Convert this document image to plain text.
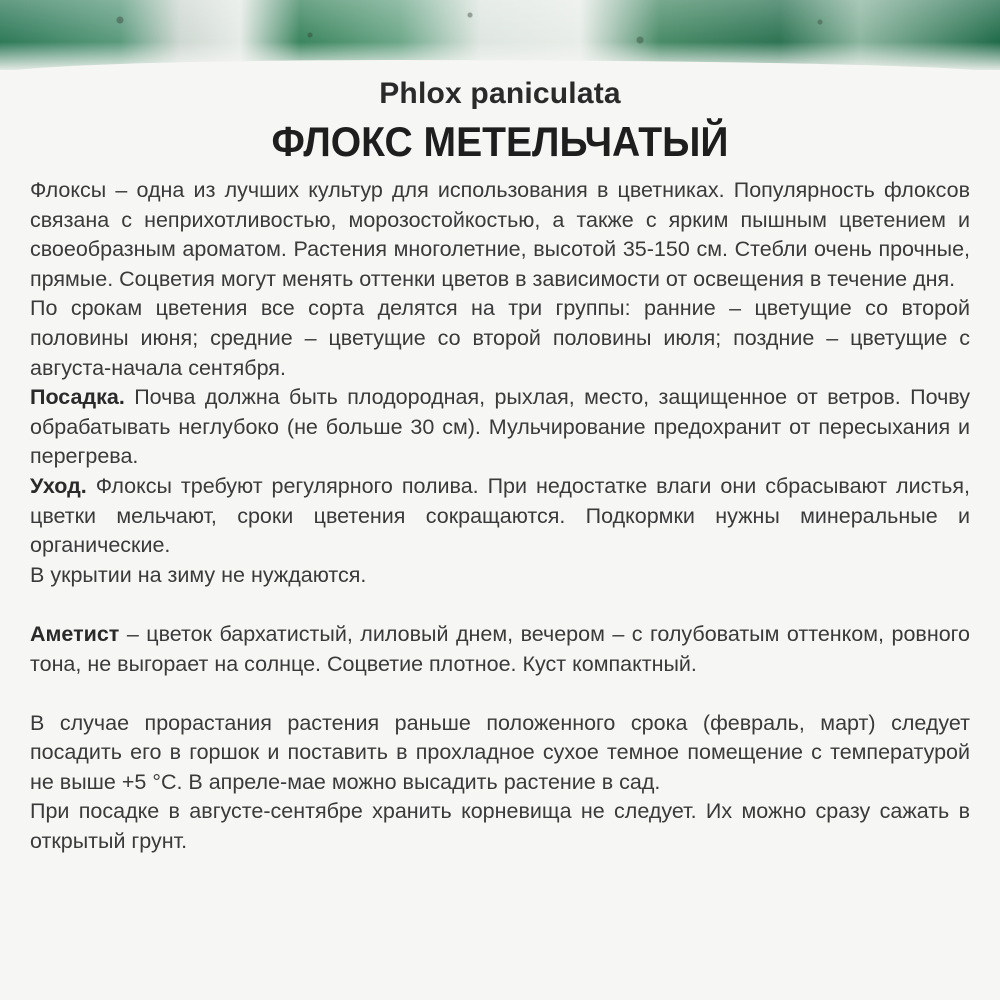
Phlox paniculata
ФЛОКС МЕТЕЛЬЧАТЫЙ

Флоксы – одна из лучших культур для использования в цветниках. Популярность флоксов связана с неприхотливостью, морозостойкостью, а также с ярким пышным цветением и своеобразным ароматом. Растения многолетние, высотой 35-150 см. Стебли очень прочные, прямые. Соцветия могут менять оттенки цветов в зависимости от освещения в течение дня.

По срокам цветения все сорта делятся на три группы: ранние – цветущие со второй половины июня; средние – цветущие со второй половины июля; поздние – цветущие с августа-начала сентября.

Посадка. Почва должна быть плодородная, рыхлая, место, защищенное от ветров. Почву обрабатывать неглубоко (не больше 30 см). Мульчирование предохранит от пересыхания и перегрева.

Уход. Флоксы требуют регулярного полива. При недостатке влаги они сбрасывают листья, цветки мельчают, сроки цветения сокращаются. Подкормки нужны минеральные и органические.

В укрытии на зиму не нуждаются.

Аметист – цветок бархатистый, лиловый днем, вечером – с голубоватым оттенком, ровного тона, не выгорает на солнце. Соцветие плотное. Куст компактный.

В случае прорастания растения раньше положенного срока (февраль, март) следует посадить его в горшок и поставить в прохладное сухое темное помещение с температурой не выше +5 °С. В апреле-мае можно высадить растение в сад.

При посадке в августе-сентябре хранить корневища не следует. Их можно сразу сажать в открытый грунт.
